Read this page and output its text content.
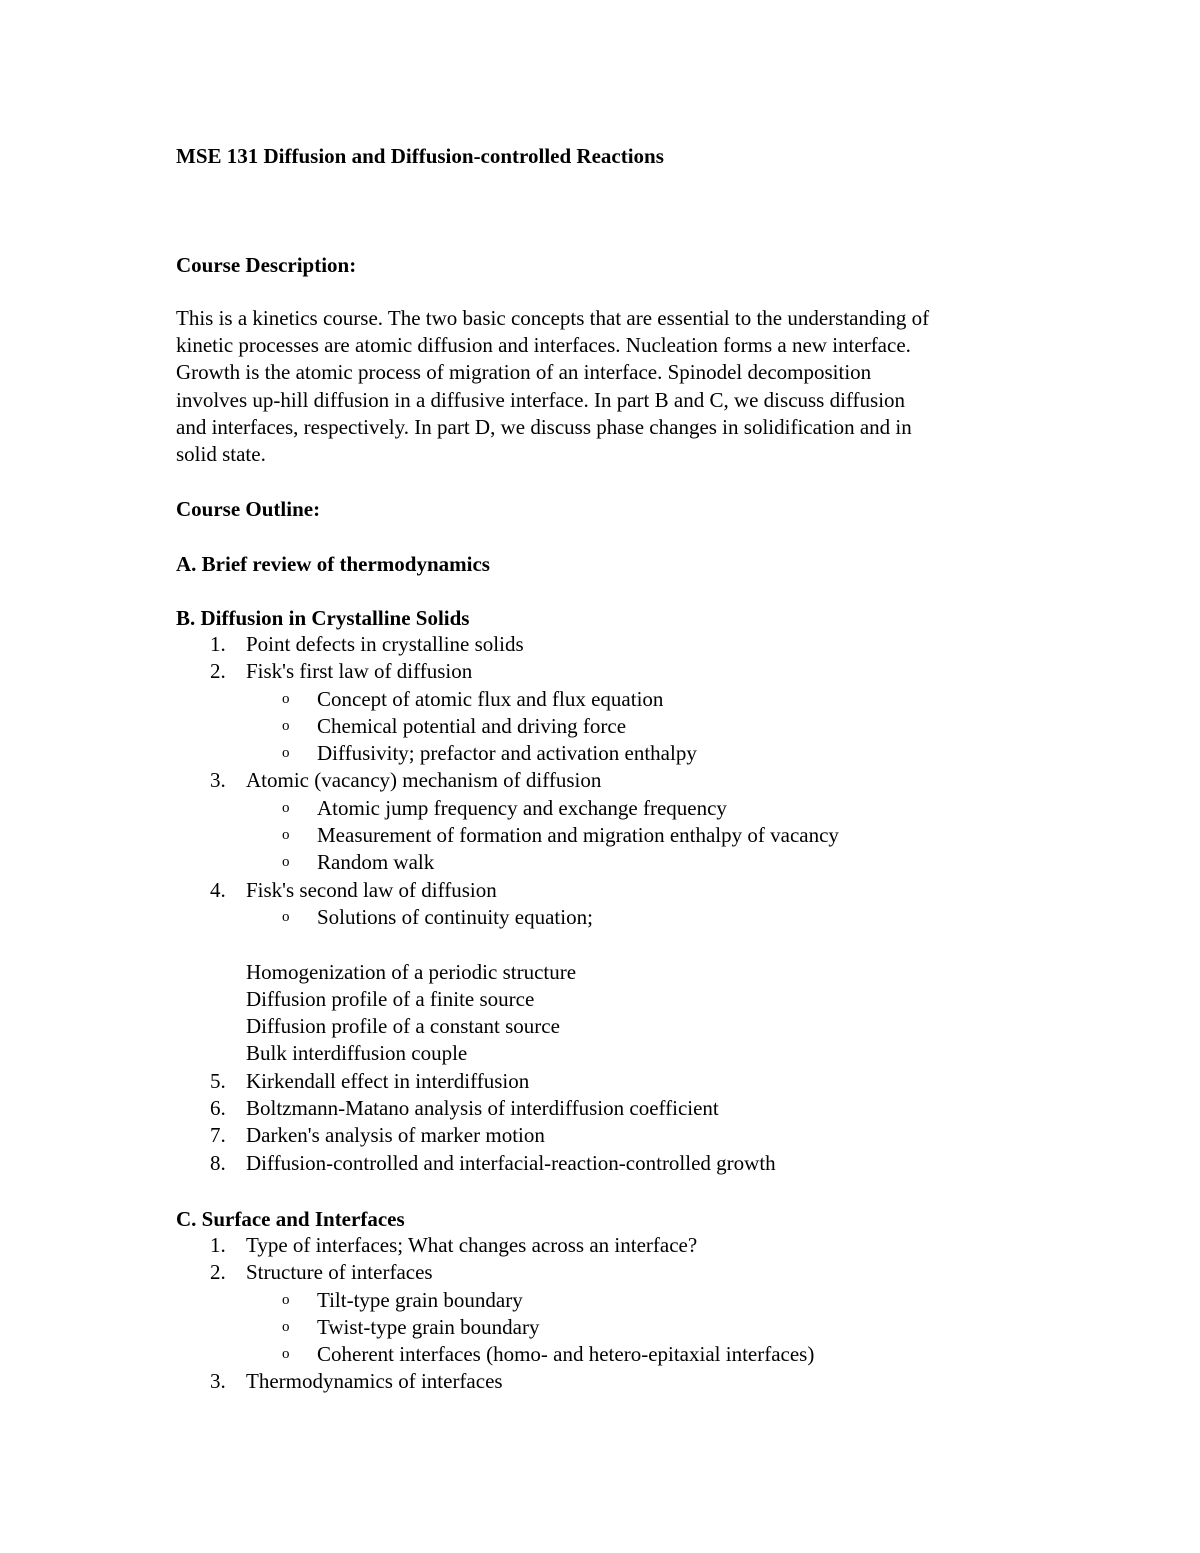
MSE 131 Diffusion and Diffusion-controlled Reactions
Course Description:
This is a kinetics course. The two basic concepts that are essential to the understanding of
kinetic processes are atomic diffusion and interfaces. Nucleation forms a new interface.
Growth is the atomic process of migration of an interface. Spinodel decomposition
involves up-hill diffusion in a diffusive interface. In part B and C, we discuss diffusion
and interfaces, respectively. In part D, we discuss phase changes in solidification and in
solid state.
Course Outline:
A. Brief review of thermodynamics
B. Diffusion in Crystalline Solids
1. Point defects in crystalline solids
2. Fisk's first law of diffusion
o Concept of atomic flux and flux equation
o Chemical potential and driving force
o Diffusivity; prefactor and activation enthalpy
3. Atomic (vacancy) mechanism of diffusion
o Atomic jump frequency and exchange frequency
o Measurement of formation and migration enthalpy of vacancy
o Random walk
4. Fisk's second law of diffusion
o Solutions of continuity equation;
Homogenization of a periodic structure
Diffusion profile of a finite source
Diffusion profile of a constant source
Bulk interdiffusion couple
5. Kirkendall effect in interdiffusion
6. Boltzmann-Matano analysis of interdiffusion coefficient
7. Darken's analysis of marker motion
8. Diffusion-controlled and interfacial-reaction-controlled growth
C. Surface and Interfaces
1. Type of interfaces; What changes across an interface?
2. Structure of interfaces
o Tilt-type grain boundary
o Twist-type grain boundary
o Coherent interfaces (homo- and hetero-epitaxial interfaces)
3. Thermodynamics of interfaces
